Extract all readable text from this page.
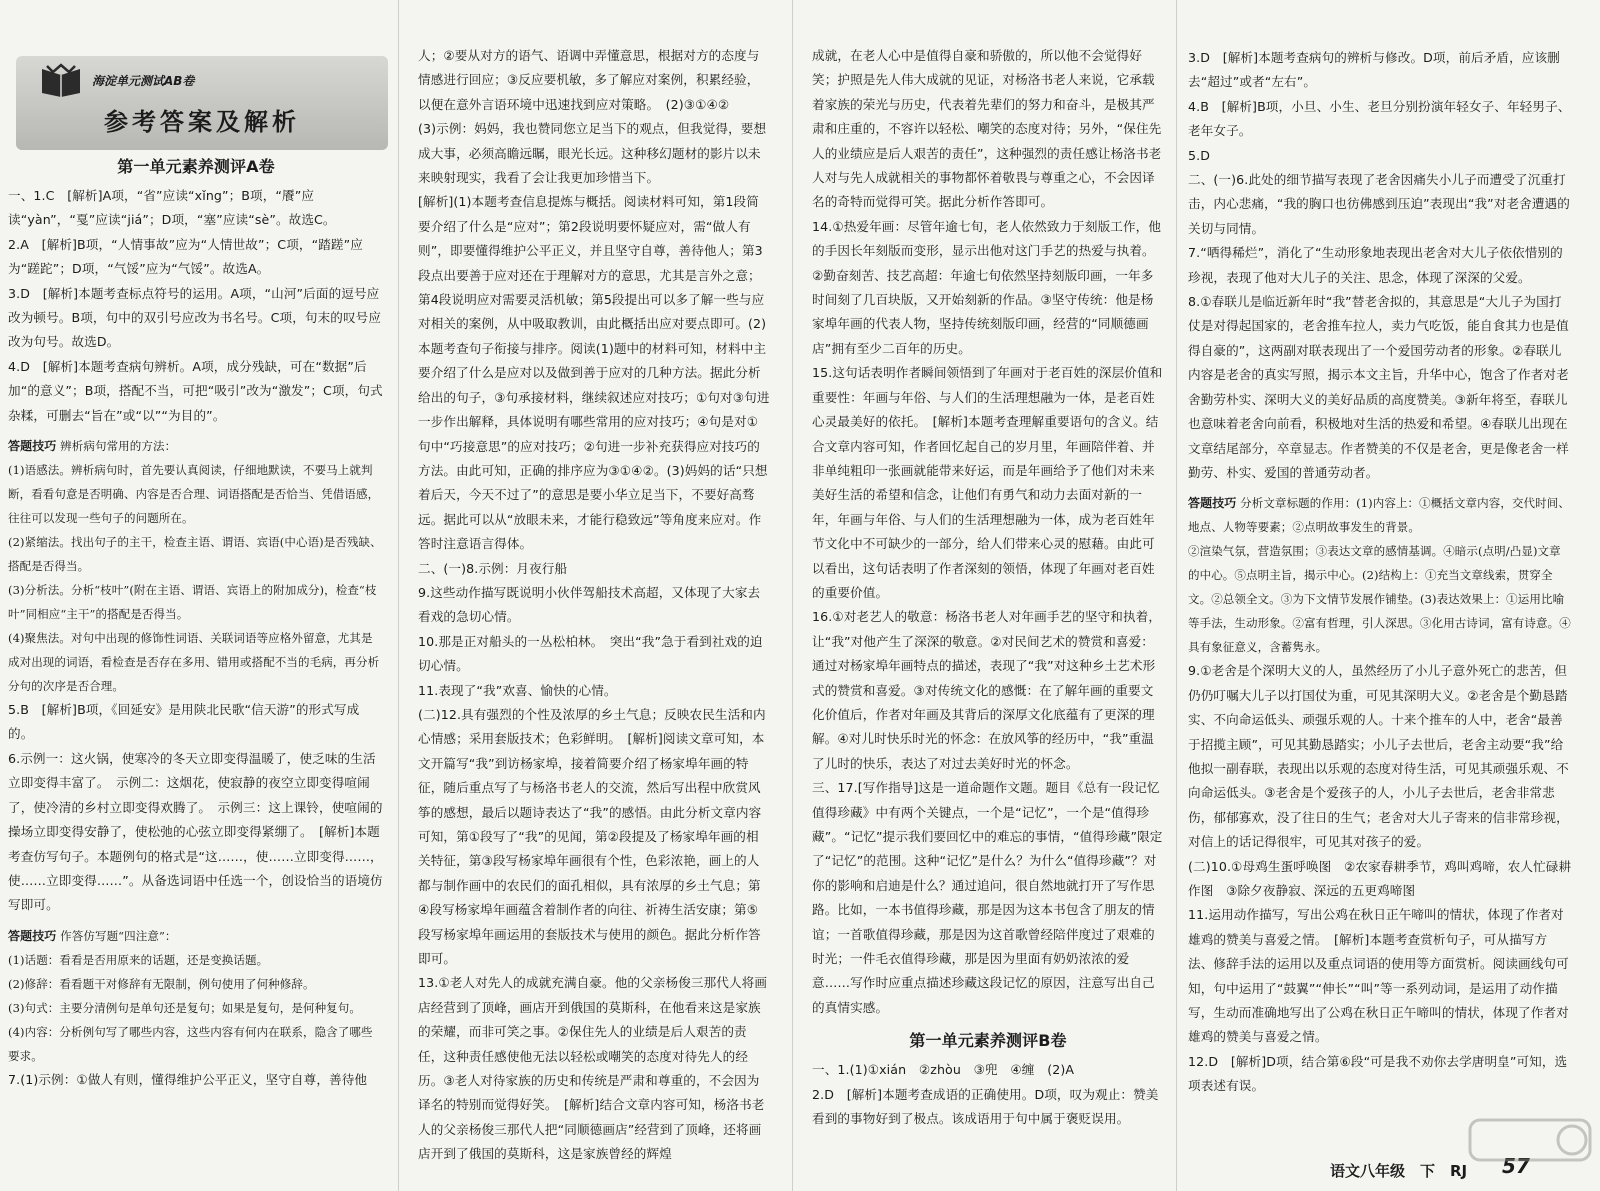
海淀单元测试AB卷
参考答案及解析
第一单元素养测评A卷

一、1.C　[解析]A项，“省”应读“xǐng”；B项，“餍”应读“yàn”，“戛”应读“jiá”；D项，“塞”应读“sè”。故选C。

2.A　[解析]B项，“人情事故”应为“人情世故”；C项，“踏蹉”应为“蹉跎”；D项，“气馁”应为“气馁”。故选A。

3.D　[解析]本题考查标点符号的运用。A项，“山河”后面的逗号应改为顿号。B项，句中的双引号应改为书名号。C项，句末的叹号应改为句号。故选D。

4.D　[解析]本题考查病句辨析。A项，成分残缺，可在“数据”后加“的意义”；B项，搭配不当，可把“吸引”改为“激发”；C项，句式杂糅，可删去“旨在”或“以”“为目的”。

答题技巧 辨析病句常用的方法：
(1)语感法。辨析病句时，首先要认真阅读，仔细地默读，不要马上就判断，看看句意是否明确、内容是否合理、词语搭配是否恰当、凭借语感，往往可以发现一些句子的问题所在。
(2)紧缩法。找出句子的主干，检查主语、谓语、宾语(中心语)是否残缺、搭配是否得当。
(3)分析法。分析“枝叶”(附在主语、谓语、宾语上的附加成分)，检查“枝叶”同相应“主干”的搭配是否得当。
(4)聚焦法。对句中出现的修饰性词语、关联词语等应格外留意，尤其是成对出现的词语，看检查是否存在多用、错用或搭配不当的毛病，再分析分句的次序是否合理。

5.B　[解析]B项，《回延安》是用陕北民歌“信天游”的形式写成的。

6.示例一：这火锅，使寒冷的冬天立即变得温暖了，使乏味的生活立即变得丰富了。　示例二：这烟花，使寂静的夜空立即变得喧闹了，使冷清的乡村立即变得欢腾了。　示例三：这上课铃，使喧闹的操场立即变得安静了，使松弛的心弦立即变得紧绷了。　[解析]本题考查仿写句子。本题例句的格式是“这……，使……立即变得……，使……立即变得……”。从备选词语中任选一个，创设恰当的语境仿写即可。

答题技巧 作答仿写题“四注意”：
(1)话题：看看是否用原来的话题，还是变换话题。
(2)修辞：看看题干对修辞有无限制，例句使用了何种修辞。
(3)句式：主要分清例句是单句还是复句；如果是复句，是何种复句。
(4)内容：分析例句写了哪些内容，这些内容有何内在联系，隐含了哪些要求。

7.(1)示例：①做人有则，懂得维护公平正义，坚守自尊，善待他

人；②要从对方的语气、语调中弄懂意思，根据对方的态度与情感进行回应；③反应要机敏，多了解应对案例，积累经验，以便在意外言语环境中迅速找到应对策略。　(2)③①④②

(3)示例：妈妈，我也赞同您立足当下的观点，但我觉得，要想成大事，必须高瞻远瞩，眼光长远。这种移幻题材的影片以未来映射现实，我看了会让我更加珍惜当下。

[解析](1)本题考查信息提炼与概括。阅读材料可知，第1段简要介绍了什么是“应对”；第2段说明要怀疑应对，需“做人有则”，即要懂得维护公平正义，并且坚守自尊，善待他人；第3段点出要善于应对还在于理解对方的意思，尤其是言外之意；第4段说明应对需要灵活机敏；第5段提出可以多了解一些与应对相关的案例，从中吸取教训，由此概括出应对要点即可。(2)本题考查句子衔接与排序。阅读(1)题中的材料可知，材料中主要介绍了什么是应对以及做到善于应对的几种方法。据此分析给出的句子，③句承接材料，继续叙述应对技巧；①句对③句进一步作出解释，具体说明有哪些常用的应对技巧；④句是对①句中“巧接意思”的应对技巧；②句进一步补充获得应对技巧的方法。由此可知，正确的排序应为③①④②。(3)妈妈的话“只想着后天，今天不过了”的意思是要小华立足当下，不要好高骛远。据此可以从“放眼未来，才能行稳致远”等角度来应对。作答时注意语言得体。

二、(一)8.示例：月夜行船

9.这些动作描写既说明小伙伴驾船技术高超，又体现了大家去看戏的急切心情。

10.那是正对船头的一丛松柏林。　突出“我”急于看到社戏的迫切心情。

11.表现了“我”欢喜、愉快的心情。

(二)12.具有强烈的个性及浓厚的乡土气息；反映农民生活和内心情感；采用套版技术；色彩鲜明。　[解析]阅读文章可知，本文开篇写“我”到访杨家埠，接着简要介绍了杨家埠年画的特征，随后重点写了与杨洛书老人的交流，然后写出程中欣赏风筝的感想，最后以题诗表达了“我”的感悟。由此分析文章内容可知，第①段写了“我”的见闻，第②段提及了杨家埠年画的相关特征，第③段写杨家埠年画很有个性，色彩浓艳，画上的人都与制作画中的农民们的面孔相似，具有浓厚的乡土气息；第④段写杨家埠年画蕴含着制作者的向往、祈祷生活安康；第⑤段写杨家埠年画运用的套版技术与使用的颜色。据此分析作答即可。

13.①老人对先人的成就充满自豪。他的父亲杨俊三那代人将画店经营到了顶峰，画店开到俄国的莫斯科，在他看来这是家族的荣耀，而非可笑之事。②保住先人的业绩是后人艰苦的责任，这种责任感使他无法以轻松或嘲笑的态度对待先人的经历。③老人对待家族的历史和传统是严肃和尊重的，不会因为译名的特别而觉得好笑。　[解析]结合文章内容可知，杨洛书老人的父亲杨俊三那代人把“同顺德画店”经营到了顶峰，还将画店开到了俄国的莫斯科，这是家族曾经的辉煌

成就，在老人心中是值得自豪和骄傲的，所以他不会觉得好笑；护照是先人伟大成就的见证，对杨洛书老人来说，它承载着家族的荣光与历史，代表着先辈们的努力和奋斗，是极其严肃和庄重的，不容许以轻松、嘲笑的态度对待；另外，“保住先人的业绩应是后人艰苦的责任”，这种强烈的责任感让杨洛书老人对与先人成就相关的事物都怀着敬畏与尊重之心，不会因译名的奇特而觉得可笑。据此分析作答即可。

14.①热爱年画：尽管年逾七旬，老人依然致力于刻版工作，他的手因长年刻版而变形，显示出他对这门手艺的热爱与执着。②勤奋刻苦、技艺高超：年逾七旬依然坚持刻版印画，一年多时间刻了几百块版，又开始刻新的作品。③坚守传统：他是杨家埠年画的代表人物，坚持传统刻版印画，经营的“同顺德画店”拥有至少二百年的历史。

15.这句话表明作者瞬间领悟到了年画对于老百姓的深层价值和重要性：年画与年俗、与人们的生活理想融为一体，是老百姓心灵最美好的依托。　[解析]本题考查理解重要语句的含义。结合文章内容可知，作者回忆起自己的岁月里，年画陪伴着、并非单纯粗印一张画就能带来好运，而是年画给予了他们对未来美好生活的希望和信念，让他们有勇气和动力去面对新的一年，年画与年俗、与人们的生活理想融为一体，成为老百姓年节文化中不可缺少的一部分，给人们带来心灵的慰藉。由此可以看出，这句话表明了作者深刻的领悟，体现了年画对老百姓的重要价值。

16.①对老艺人的敬意：杨洛书老人对年画手艺的坚守和执着，让“我”对他产生了深深的敬意。②对民间艺术的赞赏和喜爱：通过对杨家埠年画特点的描述，表现了“我”对这种乡土艺术形式的赞赏和喜爱。③对传统文化的感慨：在了解年画的重要文化价值后，作者对年画及其背后的深厚文化底蕴有了更深的理解。④对儿时快乐时光的怀念：在放风筝的经历中，“我”重温了儿时的快乐，表达了对过去美好时光的怀念。

三、17.[写作指导]这是一道命题作文题。题目《总有一段记忆值得珍藏》中有两个关键点，一个是“记忆”，一个是“值得珍藏”。“记忆”提示我们要回忆中的难忘的事情，“值得珍藏”限定了“记忆”的范围。这种“记忆”是什么？为什么“值得珍藏”？对你的影响和启迪是什么？通过追问，很自然地就打开了写作思路。比如，一本书值得珍藏，那是因为这本书包含了朋友的情谊；一首歌值得珍藏，那是因为这首歌曾经陪伴度过了艰难的时光；一件毛衣值得珍藏，那是因为里面有奶奶浓浓的爱意……写作时应重点描述珍藏这段记忆的原因，注意写出自己的真情实感。

第一单元素养测评B卷

一、1.(1)①xián　②zhòu　③兜　④缠　(2)A

2.D　[解析]本题考查成语的正确使用。D项，叹为观止：赞美看到的事物好到了极点。该成语用于句中属于褒贬误用。

3.D　[解析]本题考查病句的辨析与修改。D项，前后矛盾，应该删去“超过”或者“左右”。

4.B　[解析]B项，小旦、小生、老旦分别扮演年轻女子、年轻男子、老年女子。

5.D

二、(一)6.此处的细节描写表现了老舍因痛失小儿子而遭受了沉重打击，内心悲痛，“我的胸口也彷佛感到压迫”表现出“我”对老舍遭遇的关切与同情。

7.“哂得稀烂”，消化了“生动形象地表现出老舍对大儿子依依惜别的珍视，表现了他对大儿子的关注、思念，体现了深深的父爱。

8.①春联儿是临近新年时“我”替老舍拟的，其意思是“大儿子为国打仗是对得起国家的，老舍推车拉人，卖力气吃饭，能自食其力也是值得自豪的”，这两副对联表现出了一个爱国劳动者的形象。②春联儿内容是老舍的真实写照，揭示本文主旨，升华中心，饱含了作者对老舍勤劳朴实、深明大义的美好品质的高度赞美。③新年将至，春联儿也意味着老舍向前看，积极地对生活的热爱和希望。④春联儿出现在文章结尾部分，卒章显志。作者赞美的不仅是老舍，更是像老舍一样勤劳、朴实、爱国的普通劳动者。

答题技巧 分析文章标题的作用：(1)内容上：①概括文章内容，交代时间、地点、人物等要素；②点明故事发生的背景。
②渲染气氛，营造氛围；③表达文章的感情基调。④暗示(点明/凸显)文章的中心。⑤点明主旨，揭示中心。(2)结构上：①充当文章线索，贯穿全文。②总领全文。③为下文情节发展作铺垫。(3)表达效果上：①运用比喻等手法，生动形象。②富有哲理，引人深思。③化用古诗词，富有诗意。④具有象征意义，含蓄隽永。

9.①老舍是个深明大义的人，虽然经历了小儿子意外死亡的悲苦，但仍仍叮嘱大儿子以打国仗为重，可见其深明大义。②老舍是个勤恳踏实、不向命运低头、顽强乐观的人。十来个推车的人中，老舍“最善于招揽主顾”，可见其勤恳踏实；小儿子去世后，老舍主动要“我”给他拟一副春联，表现出以乐观的态度对待生活，可见其顽强乐观、不向命运低头。③老舍是个爱孩子的人，小儿子去世后，老舍非常悲伤，郁郁寡欢，没了往日的生气；老舍对大儿子寄来的信非常珍视，对信上的话记得很牢，可见其对孩子的爱。

(二)10.①母鸡生蛋呼唤图　②农家春耕季节，鸡叫鸡啼，农人忙碌耕作图　③除夕夜静寂、深远的五更鸡啼图

11.运用动作描写，写出公鸡在秋日正午啼叫的情状，体现了作者对雄鸡的赞美与喜爱之情。　[解析]本题考查赏析句子，可从描写方法、修辞手法的运用以及重点词语的使用等方面赏析。阅读画线句可知，句中运用了“鼓翼”“伸长”“叫”等一系列动词，是运用了动作描写，生动而准确地写出了公鸡在秋日正午啼叫的情状，体现了作者对雄鸡的赞美与喜爱之情。

12.D　[解析]D项，结合第⑥段“可是我不劝你去学唐明皇”可知，选项表述有误。

语文八年级　下　RJ 57
